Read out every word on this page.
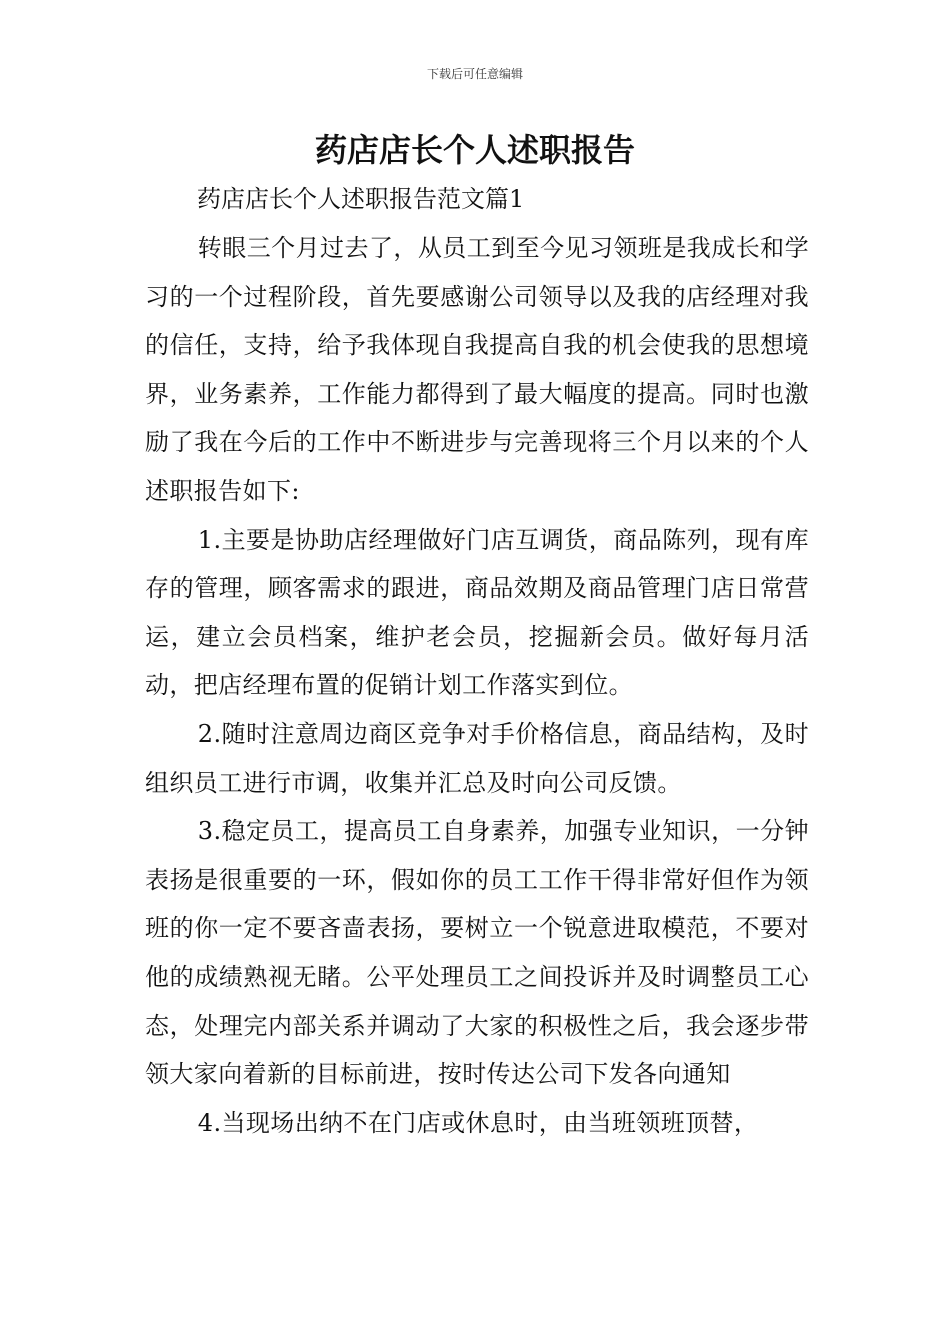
下载后可任意编辑
药店店长个人述职报告
药店店长个人述职报告范文篇1

转眼三个月过去了，从员工到至今见习领班是我成长和学习的一个过程阶段，首先要感谢公司领导以及我的店经理对我的信任，支持，给予我体现自我提高自我的机会使我的思想境界，业务素养，工作能力都得到了最大幅度的提高。同时也激励了我在今后的工作中不断进步与完善现将三个月以来的个人述职报告如下:

1.主要是协助店经理做好门店互调货，商品陈列，现有库存的管理，顾客需求的跟进，商品效期及商品管理门店日常营运，建立会员档案，维护老会员，挖掘新会员。做好每月活动，把店经理布置的促销计划工作落实到位。

2.随时注意周边商区竞争对手价格信息，商品结构，及时组织员工进行市调，收集并汇总及时向公司反馈。

3.稳定员工，提高员工自身素养，加强专业知识，一分钟表扬是很重要的一环，假如你的员工工作干得非常好但作为领班的你一定不要吝啬表扬，要树立一个锐意进取模范，不要对他的成绩熟视无睹。公平处理员工之间投诉并及时调整员工心态，处理完内部关系并调动了大家的积极性之后，我会逐步带领大家向着新的目标前进，按时传达公司下发各向通知

4.当现场出纳不在门店或休息时，由当班领班顶替，
